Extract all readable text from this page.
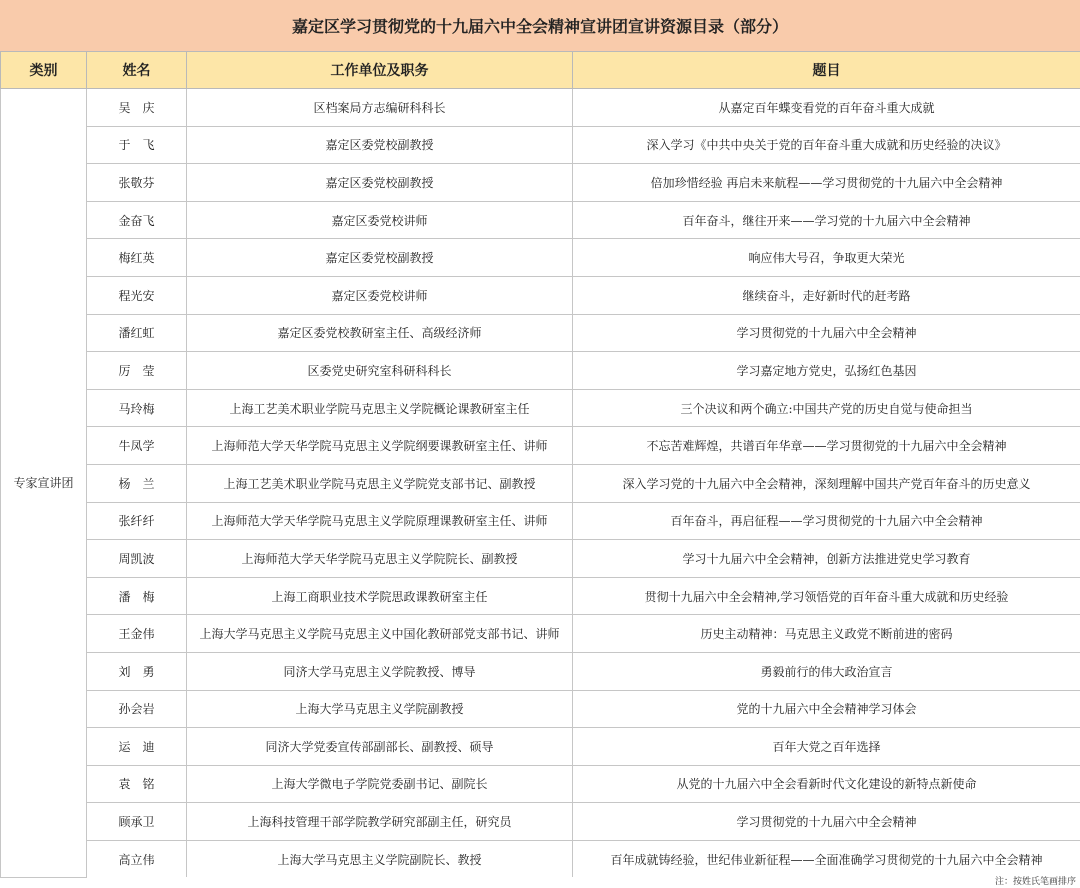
嘉定区学习贯彻党的十九届六中全会精神宣讲团宣讲资源目录（部分）
类别	姓名	工作单位及职务	题目
专家宣讲团	吴　庆	区档案局方志编研科科长	从嘉定百年蝶变看党的百年奋斗重大成就
	于　飞	嘉定区委党校副教授	深入学习《中共中央关于党的百年奋斗重大成就和历史经验的决议》
	张敬芬	嘉定区委党校副教授	倍加珍惜经验 再启未来航程——学习贯彻党的十九届六中全会精神
	金奋飞	嘉定区委党校讲师	百年奋斗，继往开来——学习党的十九届六中全会精神
	梅红英	嘉定区委党校副教授	响应伟大号召，争取更大荣光
	程光安	嘉定区委党校讲师	继续奋斗，走好新时代的赶考路
	潘红虹	嘉定区委党校教研室主任、高级经济师	学习贯彻党的十九届六中全会精神
	厉　莹	区委党史研究室科研科科长	学习嘉定地方党史，弘扬红色基因
	马玲梅	上海工艺美术职业学院马克思主义学院概论课教研室主任	三个决议和两个确立:中国共产党的历史自觉与使命担当
	牛凤学	上海师范大学天华学院马克思主义学院纲要课教研室主任、讲师	不忘苦难辉煌，共谱百年华章——学习贯彻党的十九届六中全会精神
	杨　兰	上海工艺美术职业学院马克思主义学院党支部书记、副教授	深入学习党的十九届六中全会精神，深刻理解中国共产党百年奋斗的历史意义
	张纤纤	上海师范大学天华学院马克思主义学院原理课教研室主任、讲师	百年奋斗，再启征程——学习贯彻党的十九届六中全会精神
	周凯波	上海师范大学天华学院马克思主义学院院长、副教授	学习十九届六中全会精神，创新方法推进党史学习教育
	潘　梅	上海工商职业技术学院思政课教研室主任	贯彻十九届六中全会精神,学习领悟党的百年奋斗重大成就和历史经验
	王金伟	上海大学马克思主义学院马克思主义中国化教研部党支部书记、讲师	历史主动精神：马克思主义政党不断前进的密码
	刘　勇	同济大学马克思主义学院教授、博导	勇毅前行的伟大政治宣言
	孙会岩	上海大学马克思主义学院副教授	党的十九届六中全会精神学习体会
	运　迪	同济大学党委宣传部副部长、副教授、硕导	百年大党之百年选择
	袁　铭	上海大学微电子学院党委副书记、副院长	从党的十九届六中全会看新时代文化建设的新特点新使命
	顾承卫	上海科技管理干部学院教学研究部副主任，研究员	学习贯彻党的十九届六中全会精神
	高立伟	上海大学马克思主义学院副院长、教授	百年成就铸经验，世纪伟业新征程——全面准确学习贯彻党的十九届六中全会精神
注：按姓氏笔画排序
